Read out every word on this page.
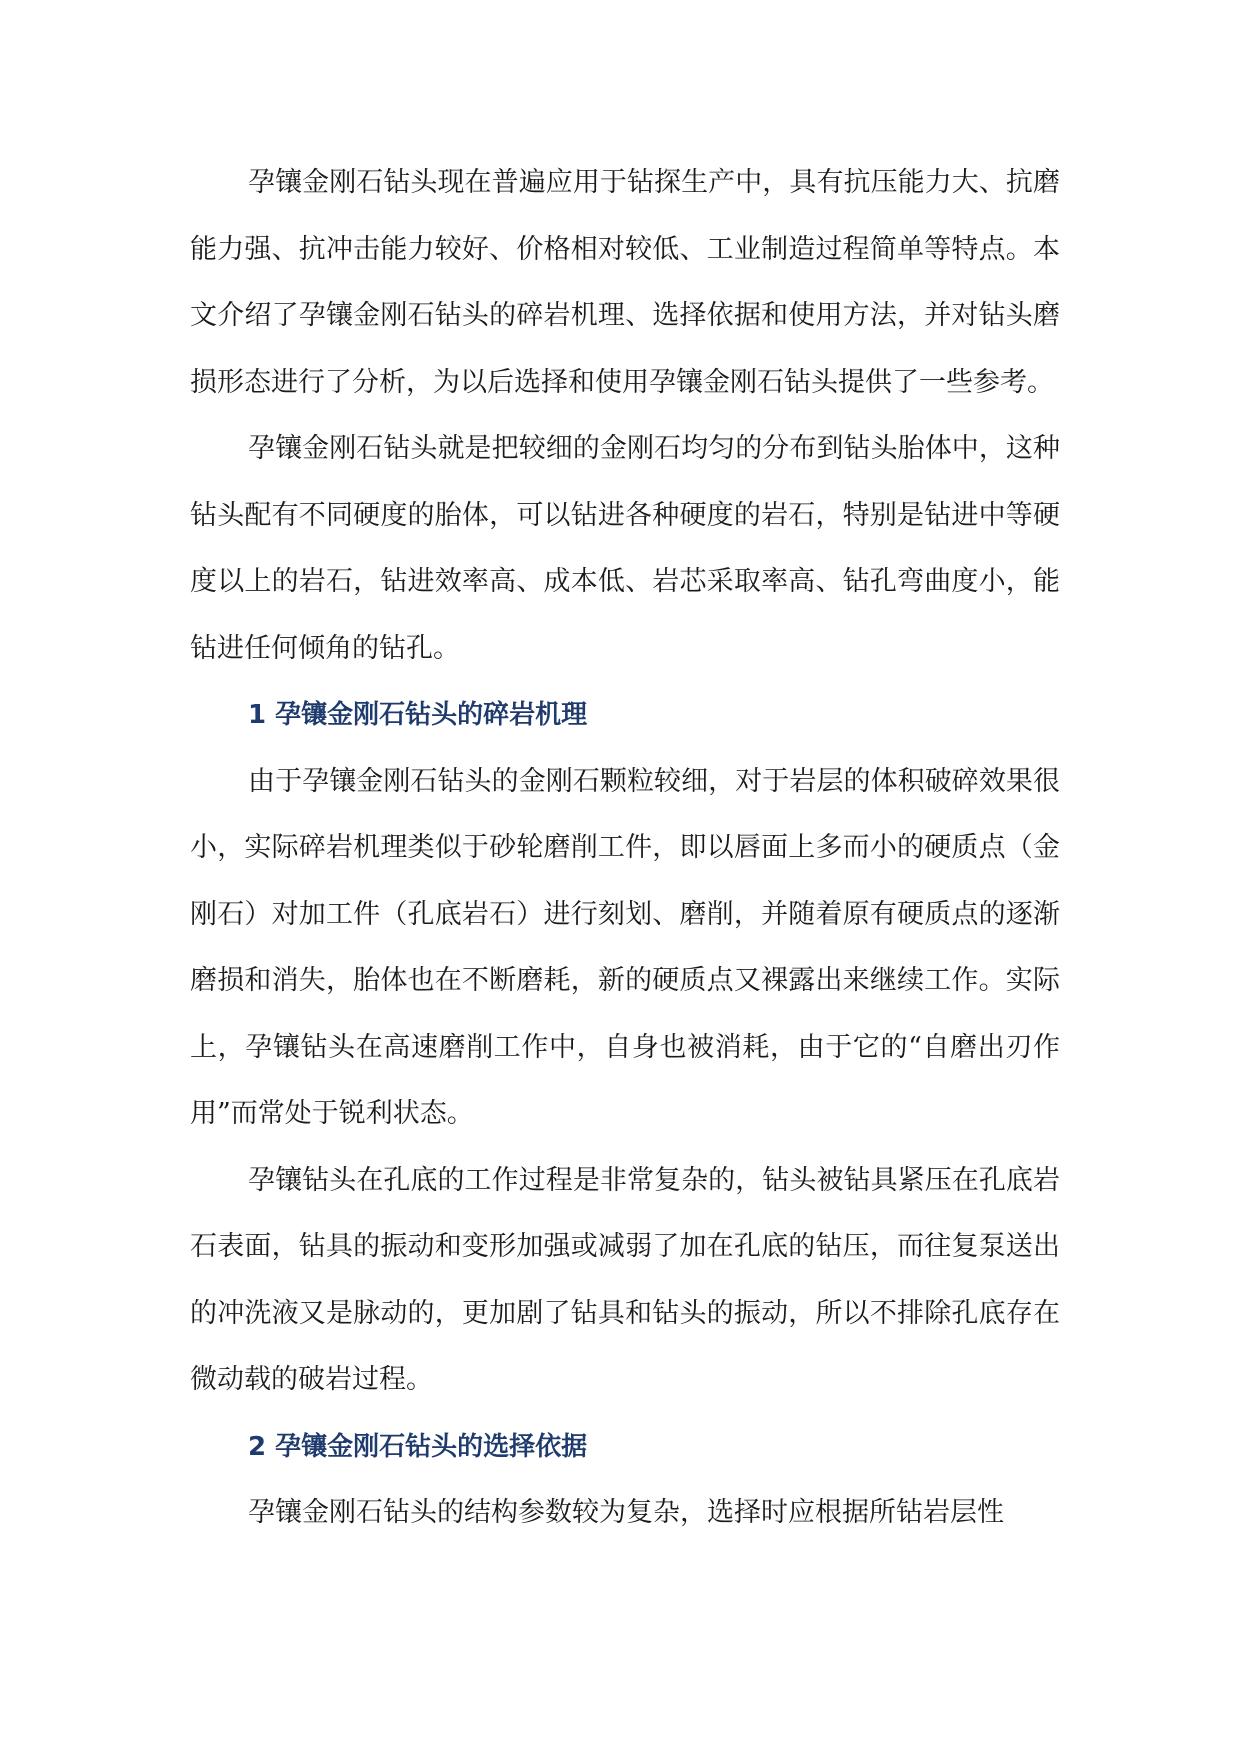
孕镶金刚石钻头现在普遍应用于钻探生产中，具有抗压能力大、抗磨能力强、抗冲击能力较好、价格相对较低、工业制造过程简单等特点。本文介绍了孕镶金刚石钻头的碎岩机理、选择依据和使用方法，并对钻头磨损形态进行了分析，为以后选择和使用孕镶金刚石钻头提供了一些参考。

孕镶金刚石钻头就是把较细的金刚石均匀的分布到钻头胎体中，这种钻头配有不同硬度的胎体，可以钻进各种硬度的岩石，特别是钻进中等硬度以上的岩石，钻进效率高、成本低、岩芯采取率高、钻孔弯曲度小，能钻进任何倾角的钻孔。

1 孕镶金刚石钻头的碎岩机理

由于孕镶金刚石钻头的金刚石颗粒较细，对于岩层的体积破碎效果很小，实际碎岩机理类似于砂轮磨削工件，即以唇面上多而小的硬质点（金刚石）对加工件（孔底岩石）进行刻划、磨削，并随着原有硬质点的逐渐磨损和消失，胎体也在不断磨耗，新的硬质点又裸露出来继续工作。实际上，孕镶钻头在高速磨削工作中，自身也被消耗，由于它的“自磨出刃作用”而常处于锐利状态。

孕镶钻头在孔底的工作过程是非常复杂的，钻头被钻具紧压在孔底岩石表面，钻具的振动和变形加强或减弱了加在孔底的钻压，而往复泵送出的冲洗液又是脉动的，更加剧了钻具和钻头的振动，所以不排除孔底存在微动载的破岩过程。

2 孕镶金刚石钻头的选择依据

孕镶金刚石钻头的结构参数较为复杂，选择时应根据所钻岩层性
